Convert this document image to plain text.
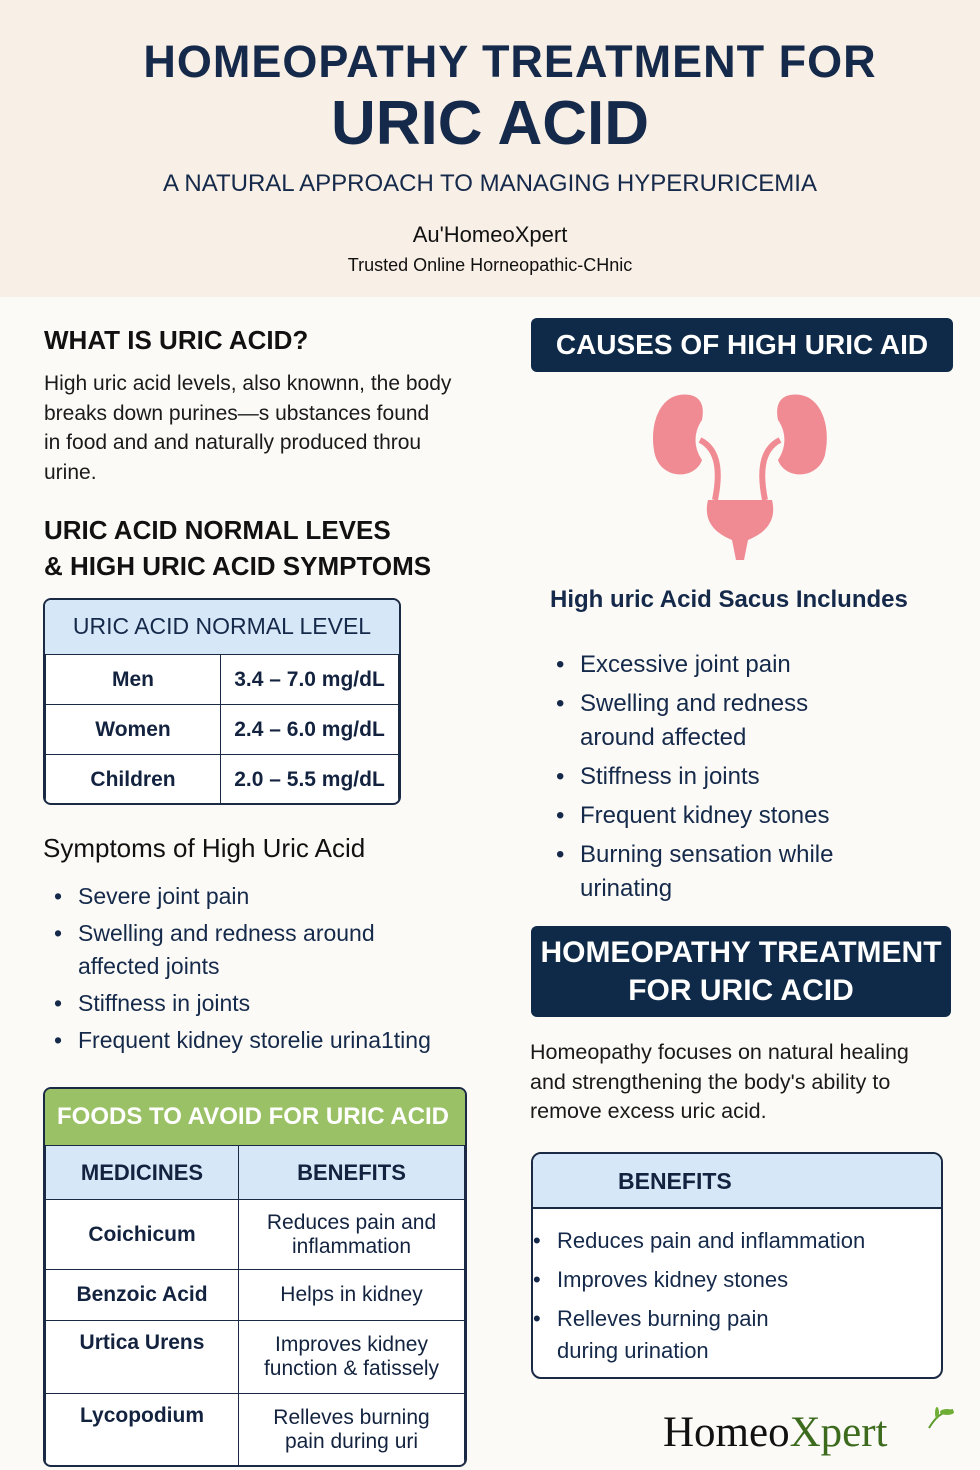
HOMEOPATHY TREATMENT FOR
URIC ACID
A NATURAL APPROACH TO MANAGING HYPERURICEMIA
Au'HomeoXpert
Trusted Online Horneopathic-CHnic
WHAT IS URIC ACID?
High uric acid levels, also knownn, the body
breaks down purines—s ubstances found
in food and and naturally produced throu
urine.
URIC ACID NORMAL LEVES
& HIGH URIC ACID SYMPTOMS
URIC ACID NORMAL LEVEL
Men	3.4 – 7.0 mg/dL
Women	2.4 – 6.0 mg/dL
Children	2.0 – 5.5 mg/dL
Symptoms of High Uric Acid
• Severe joint pain
• Swelling and redness around affected joints
• Stiffness in joints
• Frequent kidney storelie urina1ting
FOODS TO AVOID FOR URIC ACID
MEDICINES	BENEFITS
Coichicum	Reduces pain and inflammation
Benzoic Acid	Helps in kidney
Urtica Urens	Improves kidney function & fatissely
Lycopodium	Relleves burning pain during uri
CAUSES OF HIGH URIC AID
High uric Acid Sacus Inclundes
• Excessive joint pain
• Swelling and redness around affected
• Stiffness in joints
• Frequent kidney stones
• Burning sensation while urinating
HOMEOPATHY TREATMENT
FOR URIC ACID
Homeopathy focuses on natural healing
and strengthening the body's ability to
remove excess uric acid.
BENEFITS
• Reduces pain and inflammation
• Improves kidney stones
• Relleves burning pain during urination
HomeoXpert
